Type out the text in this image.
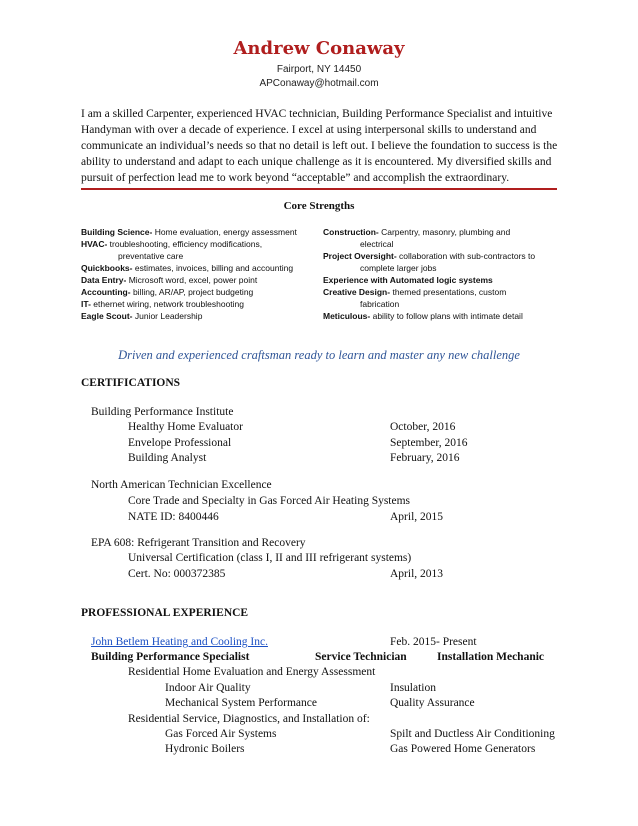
Andrew Conaway
Fairport, NY 14450
APConaway@hotmail.com
I am a skilled Carpenter, experienced HVAC technician, Building Performance Specialist and intuitive Handyman with over a decade of experience. I excel at using interpersonal skills to understand and communicate an individual’s needs so that no detail is left out. I believe the foundation to success is the ability to understand and adapt to each unique challenge as it is encountered. My diversified skills and pursuit of perfection lead me to work beyond “acceptable” and accomplish the extraordinary.
Core Strengths
Building Science- Home evaluation, energy assessment
HVAC- troubleshooting, efficiency modifications,
preventative care
Quickbooks- estimates, invoices, billing and accounting
Data Entry- Microsoft word, excel, power point
Accounting- billing, AR/AP, project budgeting
IT- ethernet wiring, network troubleshooting
Eagle Scout- Junior Leadership
Construction- Carpentry, masonry, plumbing and
electrical
Project Oversight- collaboration with sub-contractors to
complete larger jobs
Experience with Automated logic systems
Creative Design- themed presentations, custom
fabrication
Meticulous- ability to follow plans with intimate detail
Driven and experienced craftsman ready to learn and master any new challenge
CERTIFICATIONS
Building Performance Institute
Healthy Home Evaluator	October, 2016
Envelope Professional	September, 2016
Building Analyst	February, 2016
North American Technician Excellence
Core Trade and Specialty in Gas Forced Air Heating Systems
NATE ID: 8400446	April, 2015
EPA 608: Refrigerant Transition and Recovery
Universal Certification (class I, II and III refrigerant systems)
Cert. No: 000372385	April, 2013
PROFESSIONAL EXPERIENCE
John Betlem Heating and Cooling Inc.	Feb. 2015- Present
Building Performance Specialist	Service Technician	Installation Mechanic
Residential Home Evaluation and Energy Assessment
Indoor Air Quality	Insulation
Mechanical System Performance	Quality Assurance
Residential Service, Diagnostics, and Installation of:
Gas Forced Air Systems	Spilt and Ductless Air Conditioning
Hydronic Boilers	Gas Powered Home Generators
